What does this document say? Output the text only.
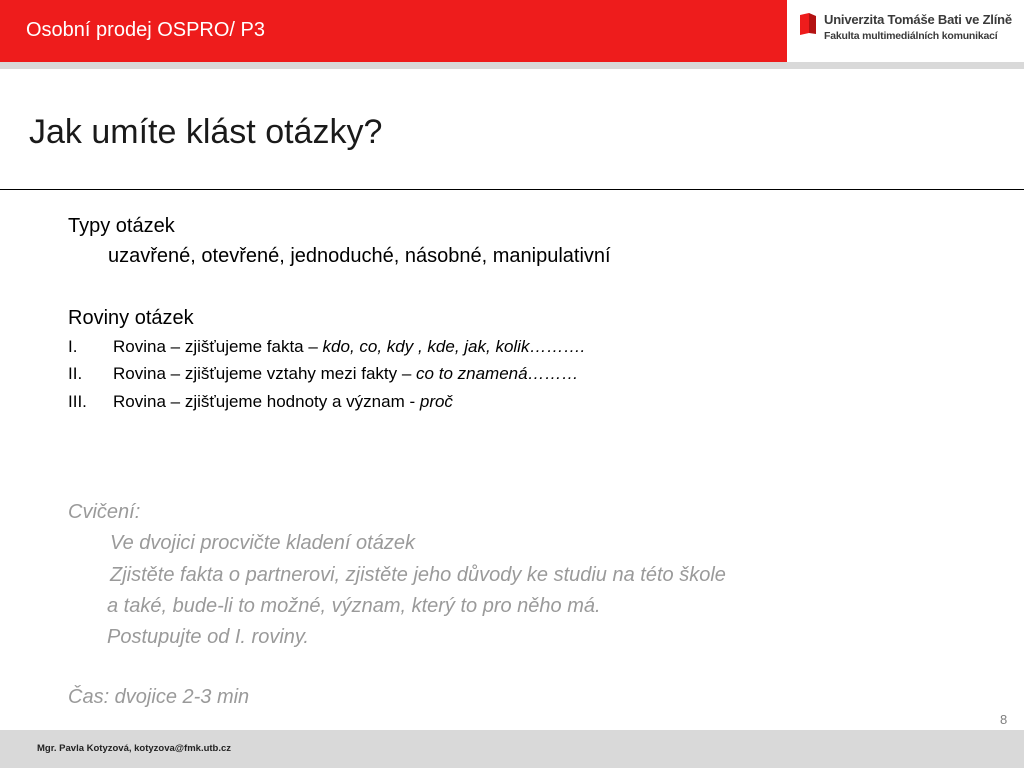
Osobní prodej OSPRO/ P3	Univerzita Tomáše Bati ve Zlíně
Fakulta multimediálních komunikací
Jak umíte klást otázky?
Typy otázek
uzavřené, otevřené, jednoduché, násobné, manipulativní
Roviny otázek
I. Rovina – zjišťujeme fakta – kdo, co, kdy , kde, jak, kolik……….
II. Rovina – zjišťujeme vztahy mezi fakty – co to znamená………
III. Rovina – zjišťujeme hodnoty a význam - proč
Cvičení:
Ve dvojici procvičte kladení otázek
Zjistěte fakta o partnerovi, zjistěte jeho důvody ke studiu na této škole
a také, bude-li to možné, význam, který to pro něho má.
Postupujte od I. roviny.
Čas: dvojice 2-3 min
8
Mgr. Pavla Kotyzová, kotyzova@fmk.utb.cz
